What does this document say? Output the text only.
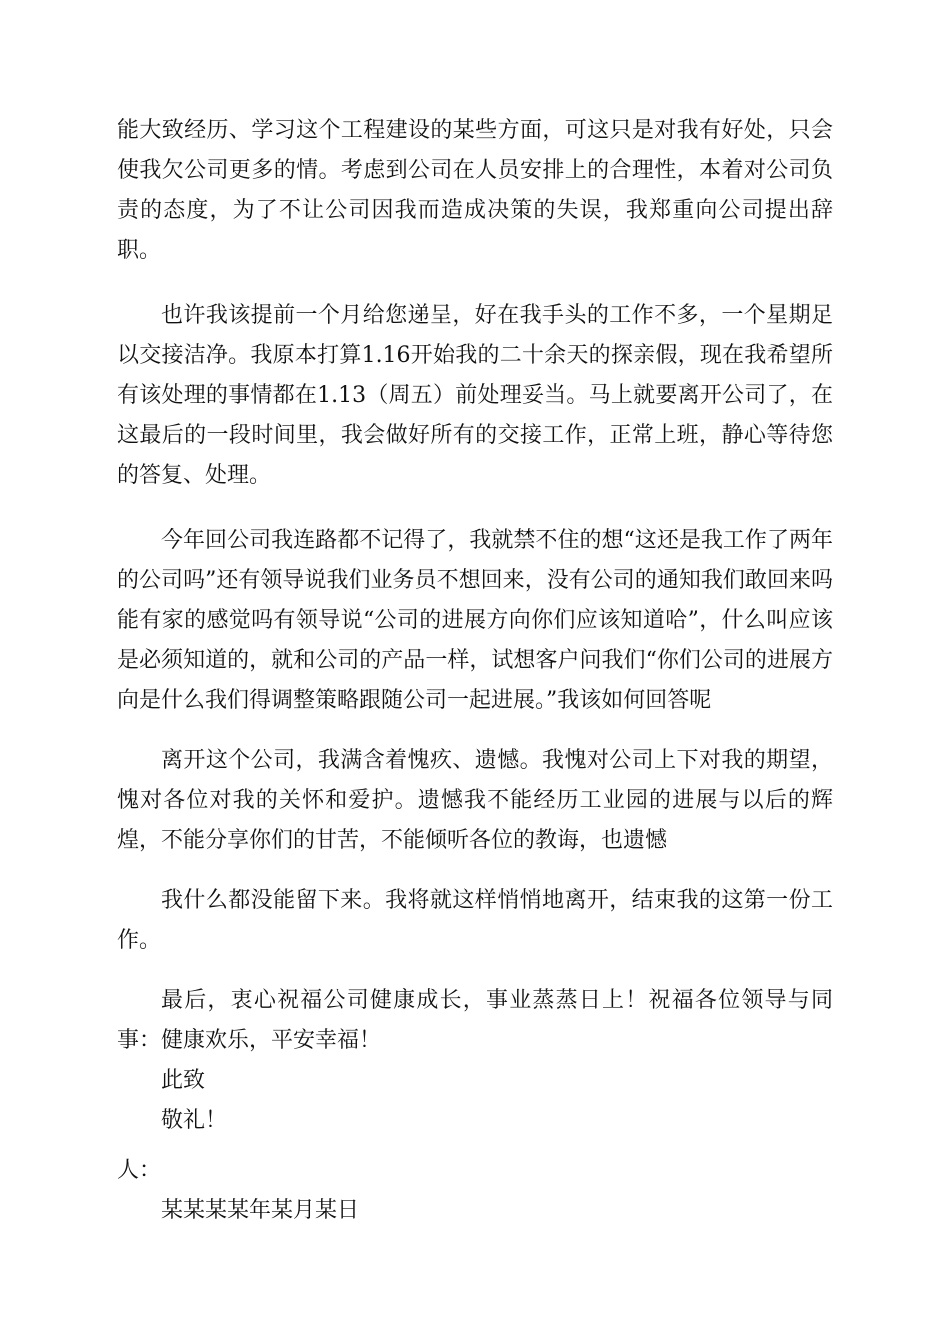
能大致经历、学习这个工程建设的某些方面，可这只是对我有好处，只会使我欠公司更多的情。考虑到公司在人员安排上的合理性，本着对公司负责的态度，为了不让公司因我而造成决策的失误，我郑重向公司提出辞职。

也许我该提前一个月给您递呈，好在我手头的工作不多，一个星期足以交接洁净。我原本打算1.16开始我的二十余天的探亲假，现在我希望所有该处理的事情都在1.13（周五）前处理妥当。马上就要离开公司了，在这最后的一段时间里，我会做好所有的交接工作，正常上班，静心等待您的答复、处理。

今年回公司我连路都不记得了，我就禁不住的想“这还是我工作了两年的公司吗”还有领导说我们业务员不想回来，没有公司的通知我们敢回来吗能有家的感觉吗有领导说“公司的进展方向你们应该知道哈”，什么叫应该是必须知道的，就和公司的产品一样，试想客户问我们“你们公司的进展方向是什么我们得调整策略跟随公司一起进展。”我该如何回答呢

离开这个公司，我满含着愧疚、遗憾。我愧对公司上下对我的期望，愧对各位对我的关怀和爱护。遗憾我不能经历工业园的进展与以后的辉煌，不能分享你们的甘苦，不能倾听各位的教诲，也遗憾

我什么都没能留下来。我将就这样悄悄地离开，结束我的这第一份工作。

最后，衷心祝福公司健康成长，事业蒸蒸日上！祝福各位领导与同事：健康欢乐，平安幸福！

此致

敬礼！

人：

某某某某年某月某日
